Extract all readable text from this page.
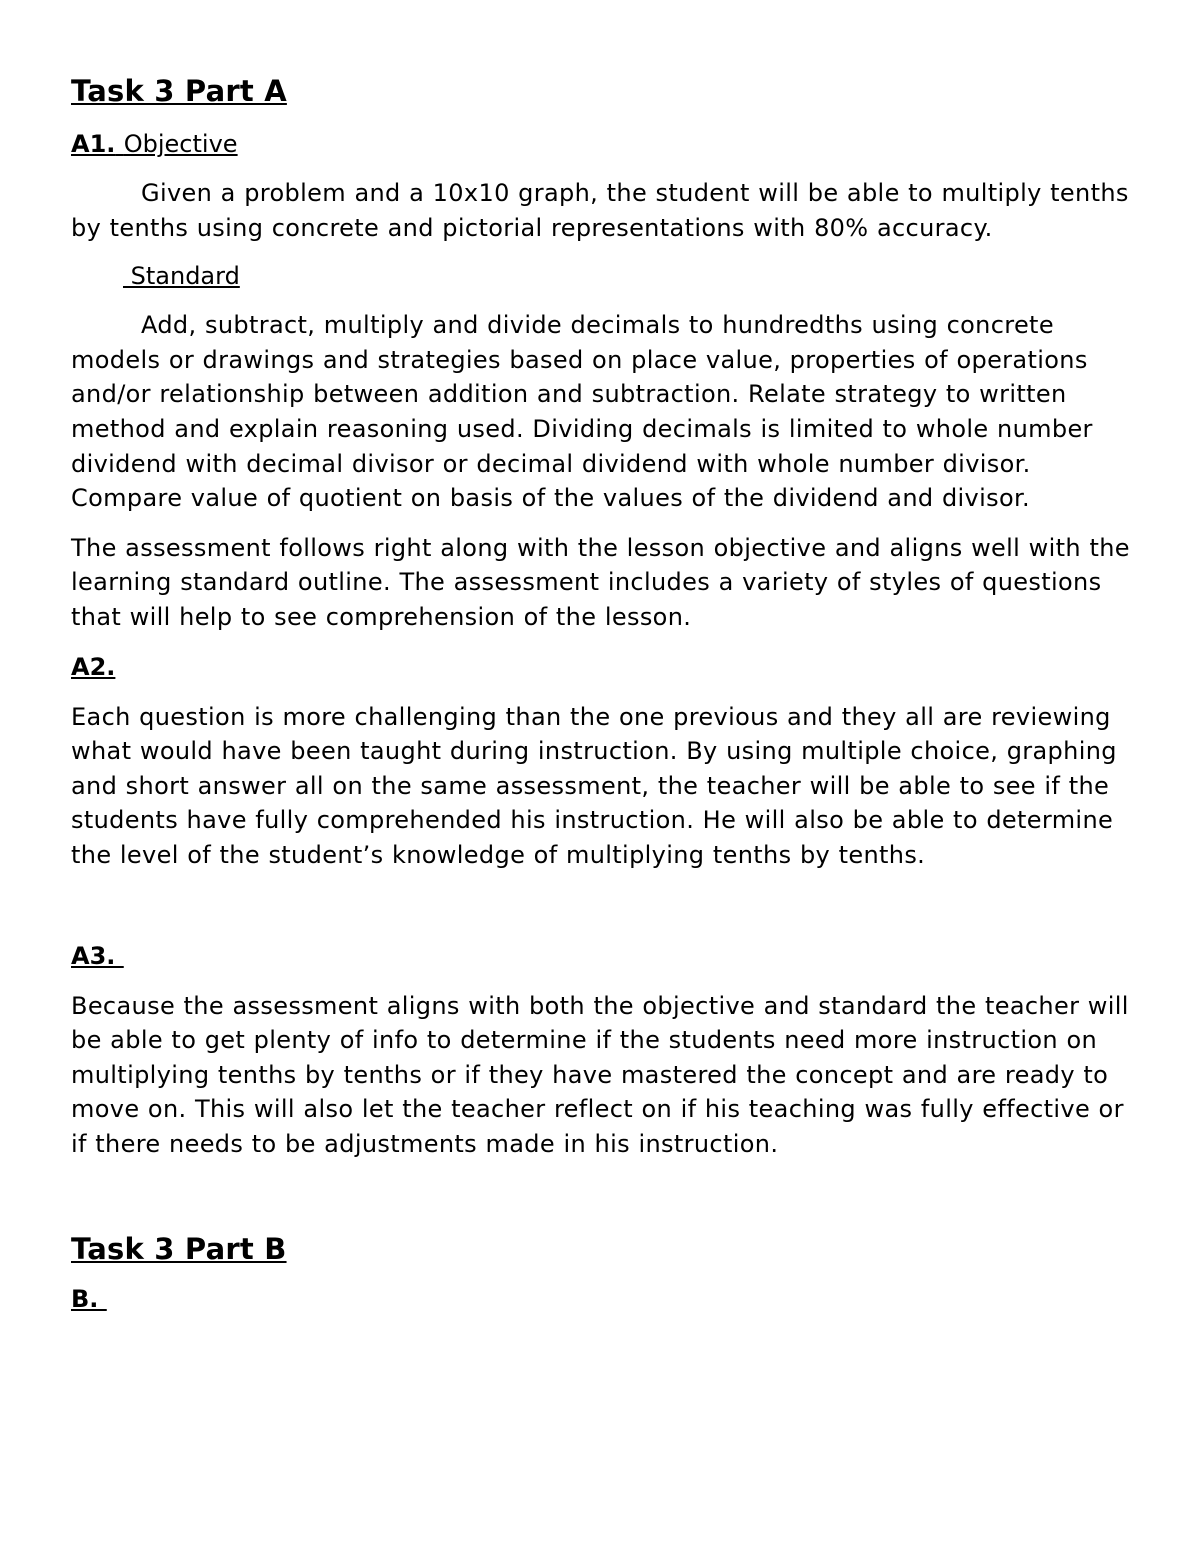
Task 3 Part A
A1. Objective

Given a problem and a 10x10 graph, the student will be able to multiply tenths by tenths using concrete and pictorial representations with 80% accuracy.

Standard

Add, subtract, multiply and divide decimals to hundredths using concrete models or drawings and strategies based on place value, properties of operations and/or relationship between addition and subtraction. Relate strategy to written method and explain reasoning used. Dividing decimals is limited to whole number dividend with decimal divisor or decimal dividend with whole number divisor. Compare value of quotient on basis of the values of the dividend and divisor.

The assessment follows right along with the lesson objective and aligns well with the learning standard outline. The assessment includes a variety of styles of questions that will help to see comprehension of the lesson.

A2.

Each question is more challenging than the one previous and they all are reviewing what would have been taught during instruction. By using multiple choice, graphing and short answer all on the same assessment, the teacher will be able to see if the students have fully comprehended his instruction. He will also be able to determine the level of the student’s knowledge of multiplying tenths by tenths.

A3.

Because the assessment aligns with both the objective and standard the teacher will be able to get plenty of info to determine if the students need more instruction on multiplying tenths by tenths or if they have mastered the concept and are ready to move on. This will also let the teacher reflect on if his teaching was fully effective or if there needs to be adjustments made in his instruction.

Task 3 Part B
B.
